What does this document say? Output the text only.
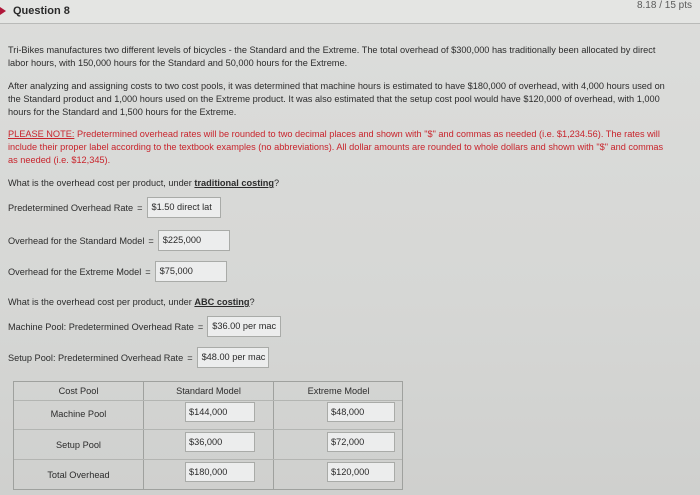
Question 8	8.18 / 15 pts
Tri-Bikes manufactures two different levels of bicycles - the Standard and the Extreme. The total overhead of $300,000 has traditionally been allocated by direct labor hours, with 150,000 hours for the Standard and 50,000 hours for the Extreme.
After analyzing and assigning costs to two cost pools, it was determined that machine hours is estimated to have $180,000 of overhead, with 4,000 hours used on the Standard product and 1,000 hours used on the Extreme product. It was also estimated that the setup cost pool would have $120,000 of overhead, with 1,000 hours for the Standard and 1,500 hours for the Extreme.
PLEASE NOTE: Predetermined overhead rates will be rounded to two decimal places and shown with "$" and commas as needed (i.e. $1,234.56). The rates will include their proper label according to the textbook examples (no abbreviations). All dollar amounts are rounded to whole dollars and shown with "$" and commas as needed (i.e. $12,345).
What is the overhead cost per product, under traditional costing?
Predetermined Overhead Rate = $1.50 direct lat
Overhead for the Standard Model = $225,000
Overhead for the Extreme Model = $75,000
What is the overhead cost per product, under ABC costing?
Machine Pool: Predetermined Overhead Rate = $36.00 per mac
Setup Pool: Predetermined Overhead Rate = $48.00 per mac
Cost Pool	Standard Model	Extreme Model
Machine Pool	$144,000	$48,000
Setup Pool	$36,000	$72,000
Total Overhead	$180,000	$120,000
